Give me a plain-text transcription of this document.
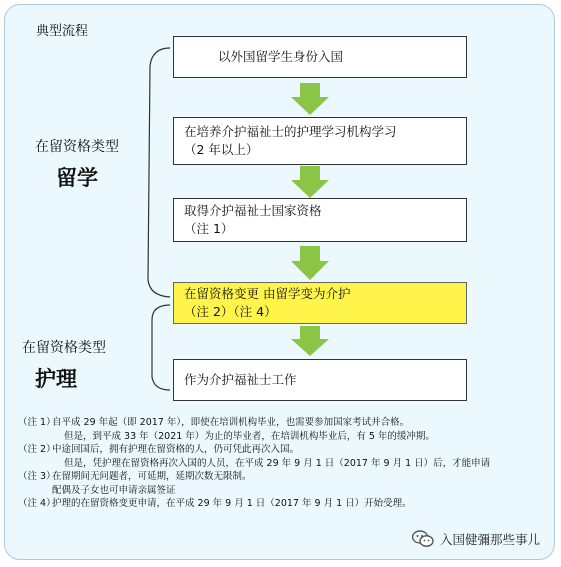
典型流程
在留资格类型
留学
在留资格类型
护理
以外国留学生身份入国
在培养介护福祉士的护理学习机构学习
（2 年以上）
取得介护福祉士国家资格
（注 1）
在留资格变更 由留学变为介护
（注 2）（注 4）
作为介护福祉士工作
（注 1）
自平成 29 年起（即 2017 年），即使在培训机构毕业，也需要参加国家考试并合格。
但是，到平成 33 年（2021 年）为止的毕业者，在培训机构毕业后，有 5 年的缓冲期。
（注 2）
中途回国后，拥有护理在留资格的人，仍可凭此再次入国。
但是，凭护理在留资格再次入国的人员，在平成 29 年 9 月 1 日（2017 年 9 月 1 日）后，才能申请
（注 3）
在留期间无问题者，可延期，延期次数无限制。
配偶及子女也可申请亲属签证
（注 4）
护理的在留资格变更申请，在平成 29 年 9 月 1 日（2017 年 9 月 1 日）开始受理。
入国健彌那些事儿
